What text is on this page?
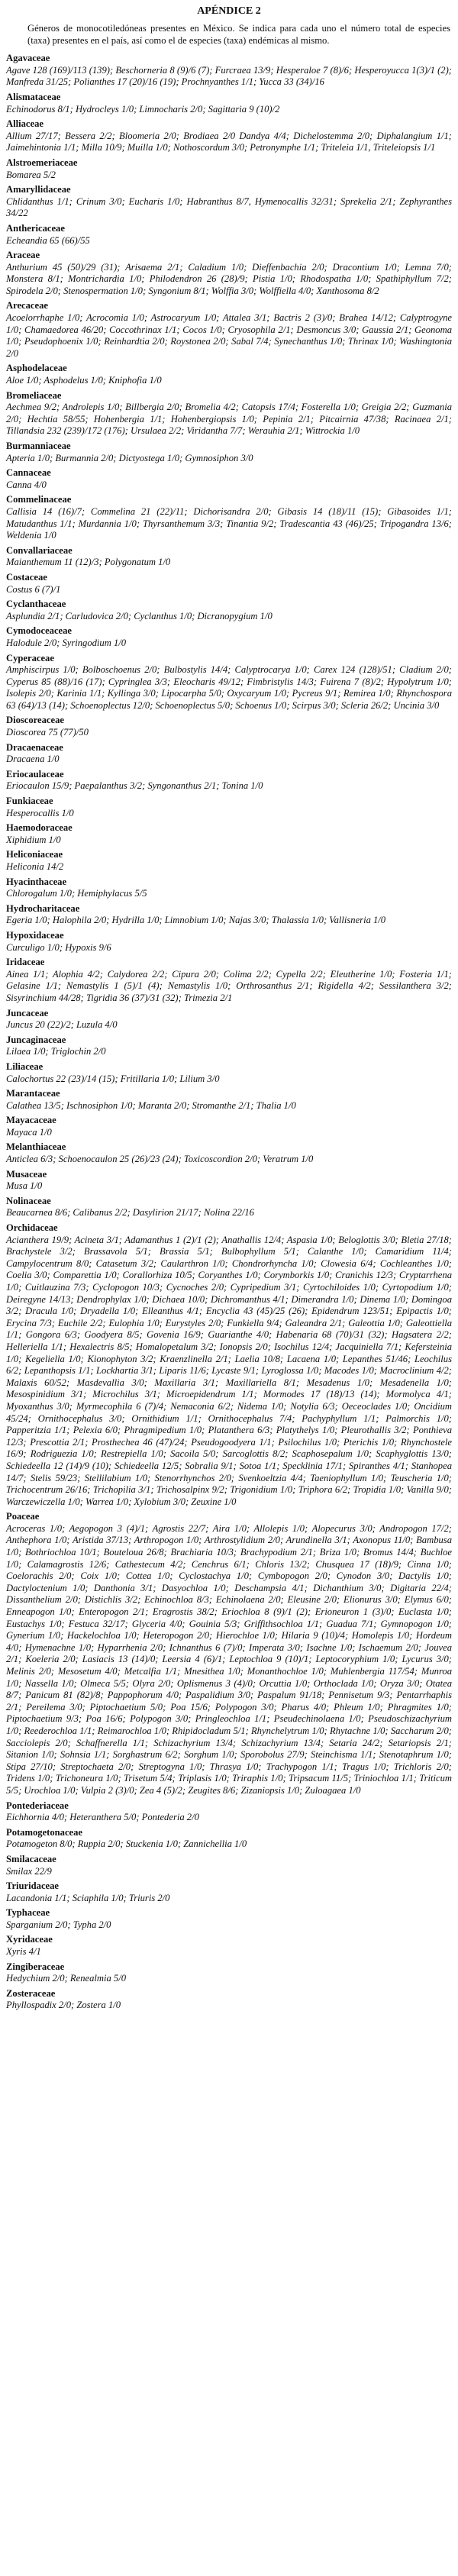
APÉNDICE 2
Géneros de monocotiledóneas presentes en México. Se indica para cada uno el número total de especies (taxa) presentes en el país, así como el de especies (taxa) endémicas al mismo.
Agavaceae
Agave 128 (169)/113 (139); Beschorneria 8 (9)/6 (7); Furcraea 13/9; Hesperaloe 7 (8)/6; Hesperoyucca 1(3)/1 (2); Manfreda 31/25; Polianthes 17 (20)/16 (19); Prochnyanthes 1/1; Yucca 33 (34)/16
Alismataceae
Echinodorus 8/1; Hydrocleys 1/0; Limnocharis 2/0; Sagittaria 9 (10)/2
Alliaceae
Allium 27/17; Bessera 2/2; Bloomeria 2/0; Brodiaea 2/0 Dandya 4/4; Dichelostemma 2/0; Diphalangium 1/1; Jaimehintonia 1/1; Milla 10/9; Muilla 1/0; Nothoscordum 3/0; Petronymphe 1/1; Triteleia 1/1, Triteleiopsis 1/1
Alstroemeriaceae
Bomarea 5/2
Amaryllidaceae
Chlidanthus 1/1; Crinum 3/0; Eucharis 1/0; Habranthus 8/7, Hymenocallis 32/31; Sprekelia 2/1; Zephyranthes 34/22
Anthericaceae
Echeandia 65 (66)/55
Araceae
Anthurium 45 (50)/29 (31); Arisaema 2/1; Caladium 1/0; Dieffenbachia 2/0; Dracontium 1/0; Lemna 7/0; Monstera 8/1; Montrichardia 1/0; Philodendron 26 (28)/9; Pistia 1/0; Rhodospatha 1/0; Spathiphyllum 7/2; Spirodela 2/0; Stenospermation 1/0; Syngonium 8/1; Wolffia 3/0; Wolffiella 4/0; Xanthosoma 8/2
Arecaceae
Acoelorrhaphe 1/0; Acrocomia 1/0; Astrocaryum 1/0; Attalea 3/1; Bactris 2 (3)/0; Brahea 14/12; Calyptrogyne 1/0; Chamaedorea 46/20; Coccothrinax 1/1; Cocos 1/0; Cryosophila 2/1; Desmoncus 3/0; Gaussia 2/1; Geonoma 1/0; Pseudophoenix 1/0; Reinhardtia 2/0; Roystonea 2/0; Sabal 7/4; Synechanthus 1/0; Thrinax 1/0; Washingtonia 2/0
Asphodelaceae
Aloe 1/0; Asphodelus 1/0; Kniphofia 1/0
Bromeliaceae
Aechmea 9/2; Androlepis 1/0; Billbergia 2/0; Bromelia 4/2; Catopsis 17/4; Fosterella 1/0; Greigia 2/2; Guzmania 2/0; Hechtia 58/55; Hohenbergia 1/1; Hohenbergiopsis 1/0; Pepinia 2/1; Pitcairnia 47/38; Racinaea 2/1; Tillandsia 232 (239)/172 (176); Ursulaea 2/2; Viridantha 7/7; Werauhia 2/1; Wittrockia 1/0
Burmanniaceae
Apteria 1/0; Burmannia 2/0; Dictyostega 1/0; Gymnosiphon 3/0
Cannaceae
Canna 4/0
Commelinaceae
Callisia 14 (16)/7; Commelina 21 (22)/11; Dichorisandra 2/0; Gibasis 14 (18)/11 (15); Gibasoides 1/1; Matudanthus 1/1; Murdannia 1/0; Thyrsanthemum 3/3; Tinantia 9/2; Tradescantia 43 (46)/25; Tripogandra 13/6; Weldenia 1/0
Convallariaceae
Maianthemum 11 (12)/3; Polygonatum 1/0
Costaceae
Costus 6 (7)/1
Cyclanthaceae
Asplundia 2/1; Carludovica 2/0; Cyclanthus 1/0; Dicranopygium 1/0
Cymodoceaceae
Halodule 2/0; Syringodium 1/0
Cyperaceae
Amphiscirpus 1/0; Bolboschoenus 2/0; Bulbostylis 14/4; Calyptrocarya 1/0; Carex 124 (128)/51; Cladium 2/0; Cyperus 85 (88)/16 (17); Cypringlea 3/3; Eleocharis 49/12; Fimbristylis 14/3; Fuirena 7 (8)/2; Hypolytrum 1/0; Isolepis 2/0; Karinia 1/1; Kyllinga 3/0; Lipocarpha 5/0; Oxycaryum 1/0; Pycreus 9/1; Remirea 1/0; Rhynchospora 63 (64)/13 (14); Schoenoplectus 12/0; Schoenoplectus 5/0; Schoenus 1/0; Scirpus 3/0; Scleria 26/2; Uncinia 3/0
Dioscoreaceae
Dioscorea 75 (77)/50
Dracaenaceae
Dracaena 1/0
Eriocaulaceae
Eriocaulon 15/9; Paepalanthus 3/2; Syngonanthus 2/1; Tonina 1/0
Funkiaceae
Hesperocallis 1/0
Haemodoraceae
Xiphidium 1/0
Heliconiaceae
Heliconia 14/2
Hyacinthaceae
Chlorogalum 1/0; Hemiphylacus 5/5
Hydrocharitaceae
Egeria 1/0; Halophila 2/0; Hydrilla 1/0; Limnobium 1/0; Najas 3/0; Thalassia 1/0; Vallisneria 1/0
Hypoxidaceae
Curculigo 1/0; Hypoxis 9/6
Iridaceae
Ainea 1/1; Alophia 4/2; Calydorea 2/2; Cipura 2/0; Colima 2/2; Cypella 2/2; Eleutherine 1/0; Fosteria 1/1; Gelasine 1/1; Nemastylis 1 (5)/1 (4); Nemastylis 1/0; Orthrosanthus 2/1; Rigidella 4/2; Sessilanthera 3/2; Sisyrinchium 44/28; Tigridia 36 (37)/31 (32); Trimezia 2/1
Juncaceae
Juncus 20 (22)/2; Luzula 4/0
Juncaginaceae
Lilaea 1/0; Triglochin 2/0
Liliaceae
Calochortus 22 (23)/14 (15); Fritillaria 1/0; Lilium 3/0
Marantaceae
Calathea 13/5; Ischnosiphon 1/0; Maranta 2/0; Stromanthe 2/1; Thalia 1/0
Mayacaceae
Mayaca 1/0
Melanthiaceae
Anticlea 6/3; Schoenocaulon 25 (26)/23 (24); Toxicoscordion 2/0; Veratrum 1/0
Musaceae
Musa 1/0
Nolinaceae
Beaucarnea 8/6; Calibanus 2/2; Dasylirion 21/17; Nolina 22/16
Orchidaceae
Acianthera 19/9; Acineta 3/1; Adamanthus 1 (2)/1 (2); Anathallis 12/4; Aspasia 1/0; Beloglottis 3/0; Bletia 27/18; Brachystele 3/2; Brassavola 5/1; Brassia 5/1; Bulbophyllum 5/1; Calanthe 1/0; Camaridium 11/4; Campylocentrum 8/0; Catasetum 3/2; Caularthron 1/0; Chondrorhyncha 1/0; Clowesia 6/4; Cochleanthes 1/0; Coelia 3/0; Comparettia 1/0; Corallorhiza 10/5; Coryanthes 1/0; Corymborkis 1/0; Cranichis 12/3; Cryptarrhena 1/0; Cuitlauzina 7/3; Cyclopogon 10/3; Cycnoches 2/0; Cypripedium 3/1; Cyrtochiloides 1/0; Cyrtopodium 1/0; Deiregyne 14/13; Dendrophylax 1/0; Dichaea 10/0; Dichromanthus 4/1; Dimerandra 1/0; Dinema 1/0; Domingoa 3/2; Dracula 1/0; Dryadella 1/0; Elleanthus 4/1; Encyclia 43 (45)/25 (26); Epidendrum 123/51; Epipactis 1/0; Erycina 7/3; Euchile 2/2; Eulophia 1/0; Eurystyles 2/0; Funkiella 9/4; Galeandra 2/1; Galeottia 1/0; Galeottiella 1/1; Gongora 6/3; Goodyera 8/5; Govenia 16/9; Guarianthe 4/0; Habenaria 68 (70)/31 (32); Hagsatera 2/2; Helleriella 1/1; Hexalectris 8/5; Homalopetalum 3/2; Ionopsis 2/0; Isochilus 12/4; Jacquiniella 7/1; Kefersteinia 1/0; Kegeliella 1/0; Kionophyton 3/2; Kraenzlinella 2/1; Laelia 10/8; Lacaena 1/0; Lepanthes 51/46; Leochilus 6/2; Lepanthopsis 1/1; Lockhartia 3/1; Liparis 11/6; Lycaste 9/1; Lyroglossa 1/0; Macodes 1/0; Macroclinium 4/2; Malaxis 60/52; Masdevallia 3/0; Maxillaria 3/1; Maxillariella 8/1; Mesadenus 1/0; Mesadenella 1/0; Mesospinidium 3/1; Microchilus 3/1; Microepidendrum 1/1; Mormodes 17 (18)/13 (14); Mormolyca 4/1; Myoxanthus 3/0; Myrmecophila 6 (7)/4; Nemaconia 6/2; Nidema 1/0; Notylia 6/3; Oeceoclades 1/0; Oncidium 45/24; Ornithocephalus 3/0; Ornithidium 1/1; Ornithocephalus 7/4; Pachyphyllum 1/1; Palmorchis 1/0; Papperitzia 1/1; Pelexia 6/0; Phragmipedium 1/0; Platanthera 6/3; Platythelys 1/0; Pleurothallis 3/2; Ponthieva 12/3; Prescottia 2/1; Prosthechea 46 (47)/24; Pseudogoodyera 1/1; Psilochilus 1/0; Pterichis 1/0; Rhynchostele 16/9; Rodriguezia 1/0; Restrepiella 1/0; Sacoila 5/0; Sarcoglottis 8/2; Scaphosepalum 1/0; Scaphyglottis 13/0; Schiedeella 12 (14)/9 (10); Schiedeella 12/5; Sobralia 9/1; Sotoa 1/1; Specklinia 17/1; Spiranthes 4/1; Stanhopea 14/7; Stelis 59/23; Stellilabium 1/0; Stenorrhynchos 2/0; Svenkoeltzia 4/4; Taeniophyllum 1/0; Teuscheria 1/0; Trichocentrum 26/16; Trichopilia 3/1; Trichosalpinx 9/2; Trigonidium 1/0; Triphora 6/2; Tropidia 1/0; Vanilla 9/0; Warczewiczella 1/0; Warrea 1/0; Xylobium 3/0; Zeuxine 1/0
Poaceae
Acroceras 1/0; Aegopogon 3 (4)/1; Agrostis 22/7; Aira 1/0; Allolepis 1/0; Alopecurus 3/0; Andropogon 17/2; Anthephora 1/0; Aristida 37/13; Arthropogon 1/0; Arthrostylidium 2/0; Arundinella 3/1; Axonopus 11/0; Bambusa 1/0; Bothriochloa 10/1; Bouteloua 26/8; Brachiaria 10/3; Brachypodium 2/1; Briza 1/0; Bromus 14/4; Buchloe 1/0; Calamagrostis 12/6; Cathestecum 4/2; Cenchrus 6/1; Chloris 13/2; Chusquea 17 (18)/9; Cinna 1/0; Coelorachis 2/0; Coix 1/0; Cottea 1/0; Cyclostachya 1/0; Cymbopogon 2/0; Cynodon 3/0; Dactylis 1/0; Dactyloctenium 1/0; Danthonia 3/1; Dasyochloa 1/0; Deschampsia 4/1; Dichanthium 3/0; Digitaria 22/4; Dissanthelium 2/0; Distichlis 3/2; Echinochloa 8/3; Echinolaena 2/0; Eleusine 2/0; Elionurus 3/0; Elymus 6/0; Enneapogon 1/0; Enteropogon 2/1; Eragrostis 38/2; Eriochloa 8 (9)/1 (2); Erioneuron 1 (3)/0; Euclasta 1/0; Eustachys 1/0; Festuca 32/17; Glyceria 4/0; Gouinia 5/3; Griffithsochloa 1/1; Guadua 7/1; Gymnopogon 1/0; Gynerium 1/0; Hackelochloa 1/0; Heteropogon 2/0; Hierochloe 1/0; Hilaria 9 (10)/4; Homolepis 1/0; Hordeum 4/0; Hymenachne 1/0; Hyparrhenia 2/0; Ichnanthus 6 (7)/0; Imperata 3/0; Isachne 1/0; Ischaemum 2/0; Jouvea 2/1; Koeleria 2/0; Lasiacis 13 (14)/0; Leersia 4 (6)/1; Leptochloa 9 (10)/1; Leptocoryphium 1/0; Lycurus 3/0; Melinis 2/0; Mesosetum 4/0; Metcalfia 1/1; Mnesithea 1/0; Monanthochloe 1/0; Muhlenbergia 117/54; Munroa 1/0; Nassella 1/0; Olmeca 5/5; Olyra 2/0; Oplismenus 3 (4)/0; Orcuttia 1/0; Orthoclada 1/0; Oryza 3/0; Otatea 8/7; Panicum 81 (82)/8; Pappophorum 4/0; Paspalidium 3/0; Paspalum 91/18; Pennisetum 9/3; Pentarrhaphis 2/1; Pereilema 3/0; Piptochaetium 5/0; Poa 15/6; Polypogon 3/0; Pharus 4/0; Phleum 1/0; Phragmites 1/0; Piptochaetium 9/3; Poa 16/6; Polypogon 3/0; Pringleochloa 1/1; Pseudechinolaena 1/0; Pseudoschizachyrium 1/0; Reederochloa 1/1; Reimarochloa 1/0; Rhipidocladum 5/1; Rhynchelytrum 1/0; Rhytachne 1/0; Saccharum 2/0; Sacciolepis 2/0; Schaffnerella 1/1; Schizachyrium 13/4; Schizachyrium 13/4; Setaria 24/2; Setariopsis 2/1; Sitanion 1/0; Sohnsia 1/1; Sorghastrum 6/2; Sorghum 1/0; Sporobolus 27/9; Steinchisma 1/1; Stenotaphrum 1/0; Stipa 27/10; Streptochaeta 2/0; Streptogyna 1/0; Thrasya 1/0; Trachypogon 1/1; Tragus 1/0; Trichloris 2/0; Tridens 1/0; Trichoneura 1/0; Trisetum 5/4; Triplasis 1/0; Triraphis 1/0; Tripsacum 11/5; Triniochloa 1/1; Triticum 5/5; Urochloa 1/0; Vulpia 2 (3)/0; Zea 4 (5)/2; Zeugites 8/6; Zizaniopsis 1/0; Zuloagaea 1/0
Pontederiaceae
Eichhornia 4/0; Heteranthera 5/0; Pontederia 2/0
Potamogetonaceae
Potamogeton 8/0; Ruppia 2/0; Stuckenia 1/0; Zannichellia 1/0
Smilacaceae
Smilax 22/9
Triuridaceae
Lacandonia 1/1; Sciaphila 1/0; Triuris 2/0
Typhaceae
Sparganium 2/0; Typha 2/0
Xyridaceae
Xyris 4/1
Zingiberaceae
Hedychium 2/0; Renealmia 5/0
Zosteraceae
Phyllospadix 2/0; Zostera 1/0
